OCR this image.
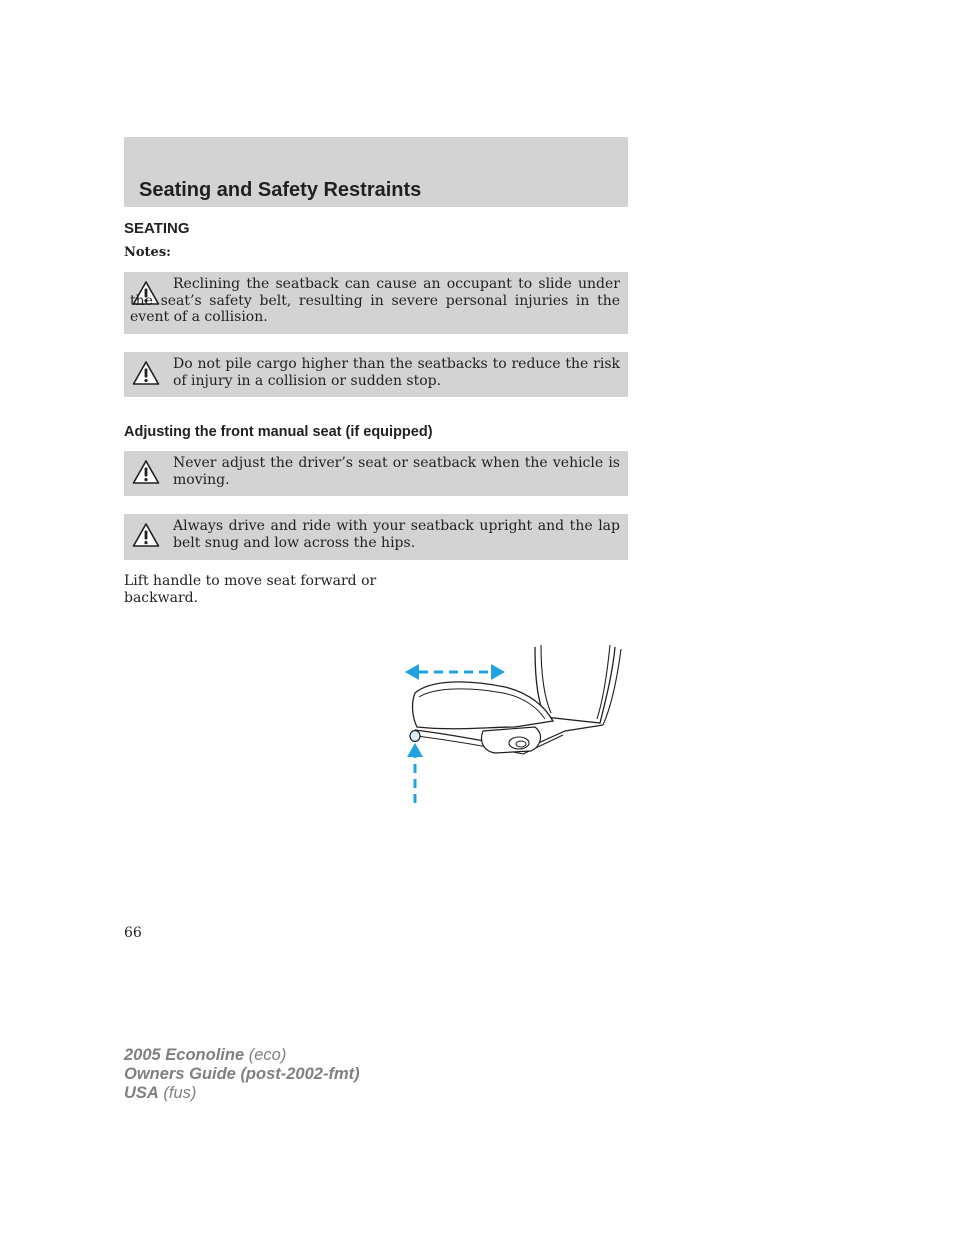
Seating and Safety Restraints
SEATING

Notes:

Reclining the seatback can cause an occupant to slide under the seat’s safety belt, resulting in severe personal injuries in the event of a collision.

Do not pile cargo higher than the seatbacks to reduce the risk of injury in a collision or sudden stop.

Adjusting the front manual seat (if equipped)

Never adjust the driver’s seat or seatback when the vehicle is moving.

Always drive and ride with your seatback upright and the lap belt snug and low across the hips.

Lift handle to move seat forward or backward.

66

2005 Econoline (eco)
Owners Guide (post-2002-fmt)
USA (fus)
